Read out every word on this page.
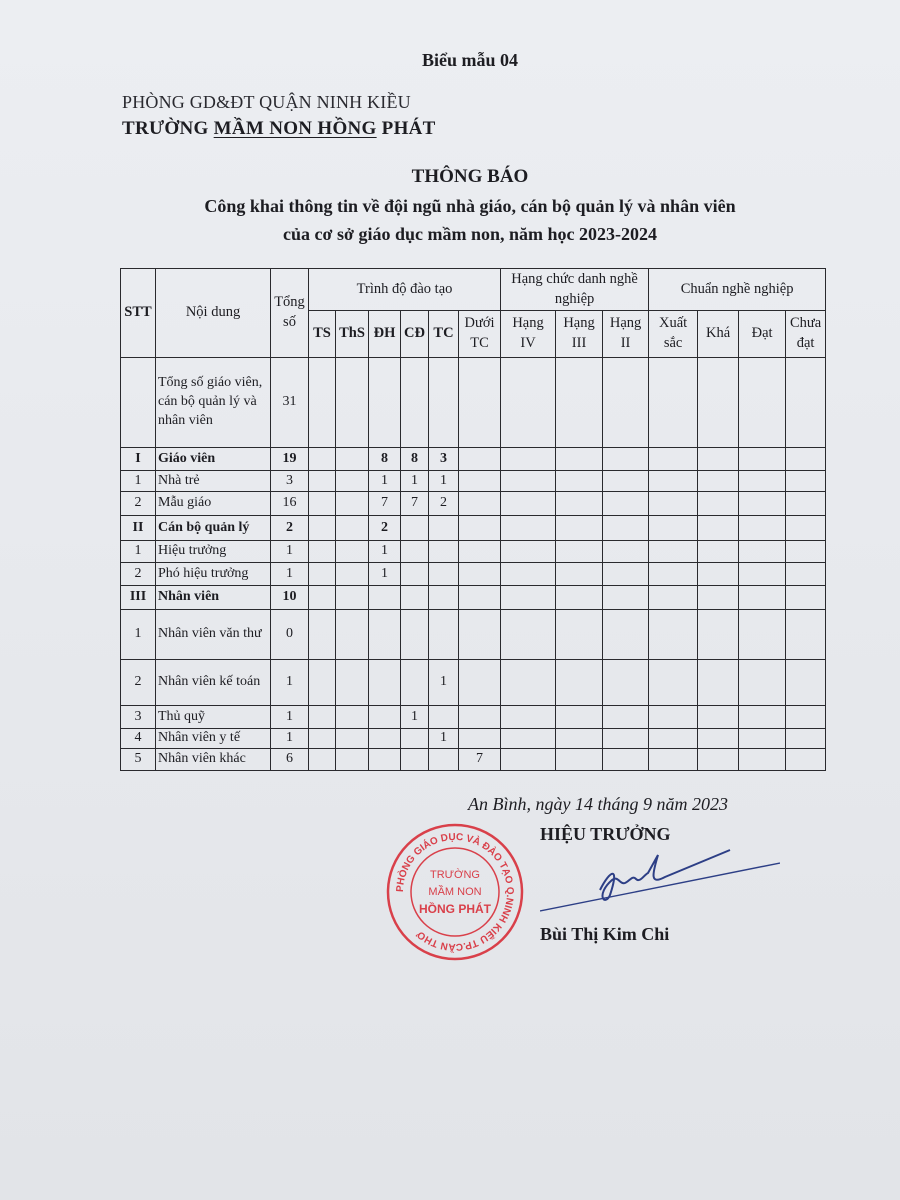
Biểu mẫu 04
PHÒNG GD&ĐT QUẬN NINH KIỀU
TRƯỜNG MẦM NON HỒNG PHÁT
THÔNG BÁO
Công khai thông tin về đội ngũ nhà giáo, cán bộ quản lý và nhân viên
của cơ sở giáo dục mầm non, năm học 2023-2024
STT	Nội dung	Tổng số	Trình độ đào tạo						Hạng chức danh nghề nghiệp			Chuẩn nghề nghiệp			
			TS	ThS	ĐH	CĐ	TC	Dưới TC	Hạng IV	Hạng III	Hạng II	Xuất sắc	Khá	Đạt	Chưa đạt
	Tổng số giáo viên, cán bộ quản lý và nhân viên	31													
I	Giáo viên	19			8	8	3								
1	Nhà trẻ	3			1	1	1								
2	Mẫu giáo	16			7	7	2								
II	Cán bộ quản lý	2			2										
1	Hiệu trưởng	1			1										
2	Phó hiệu trưởng	1			1										
III	Nhân viên	10													
1	Nhân viên văn thư	0													
2	Nhân viên kế toán	1					1								
3	Thủ quỹ	1				1									
4	Nhân viên y tế	1					1								
5	Nhân viên khác	6						7							
An Bình, ngày 14 tháng 9 năm 2023
PHÒNG GIÁO DỤC VÀ ĐÀO TẠO Q.NINH KIỀU TP.CẦN THƠ
TRƯỜNG
MẦM NON
HỒNG PHÁT
HIỆU TRƯỞNG
Bùi Thị Kim Chi
